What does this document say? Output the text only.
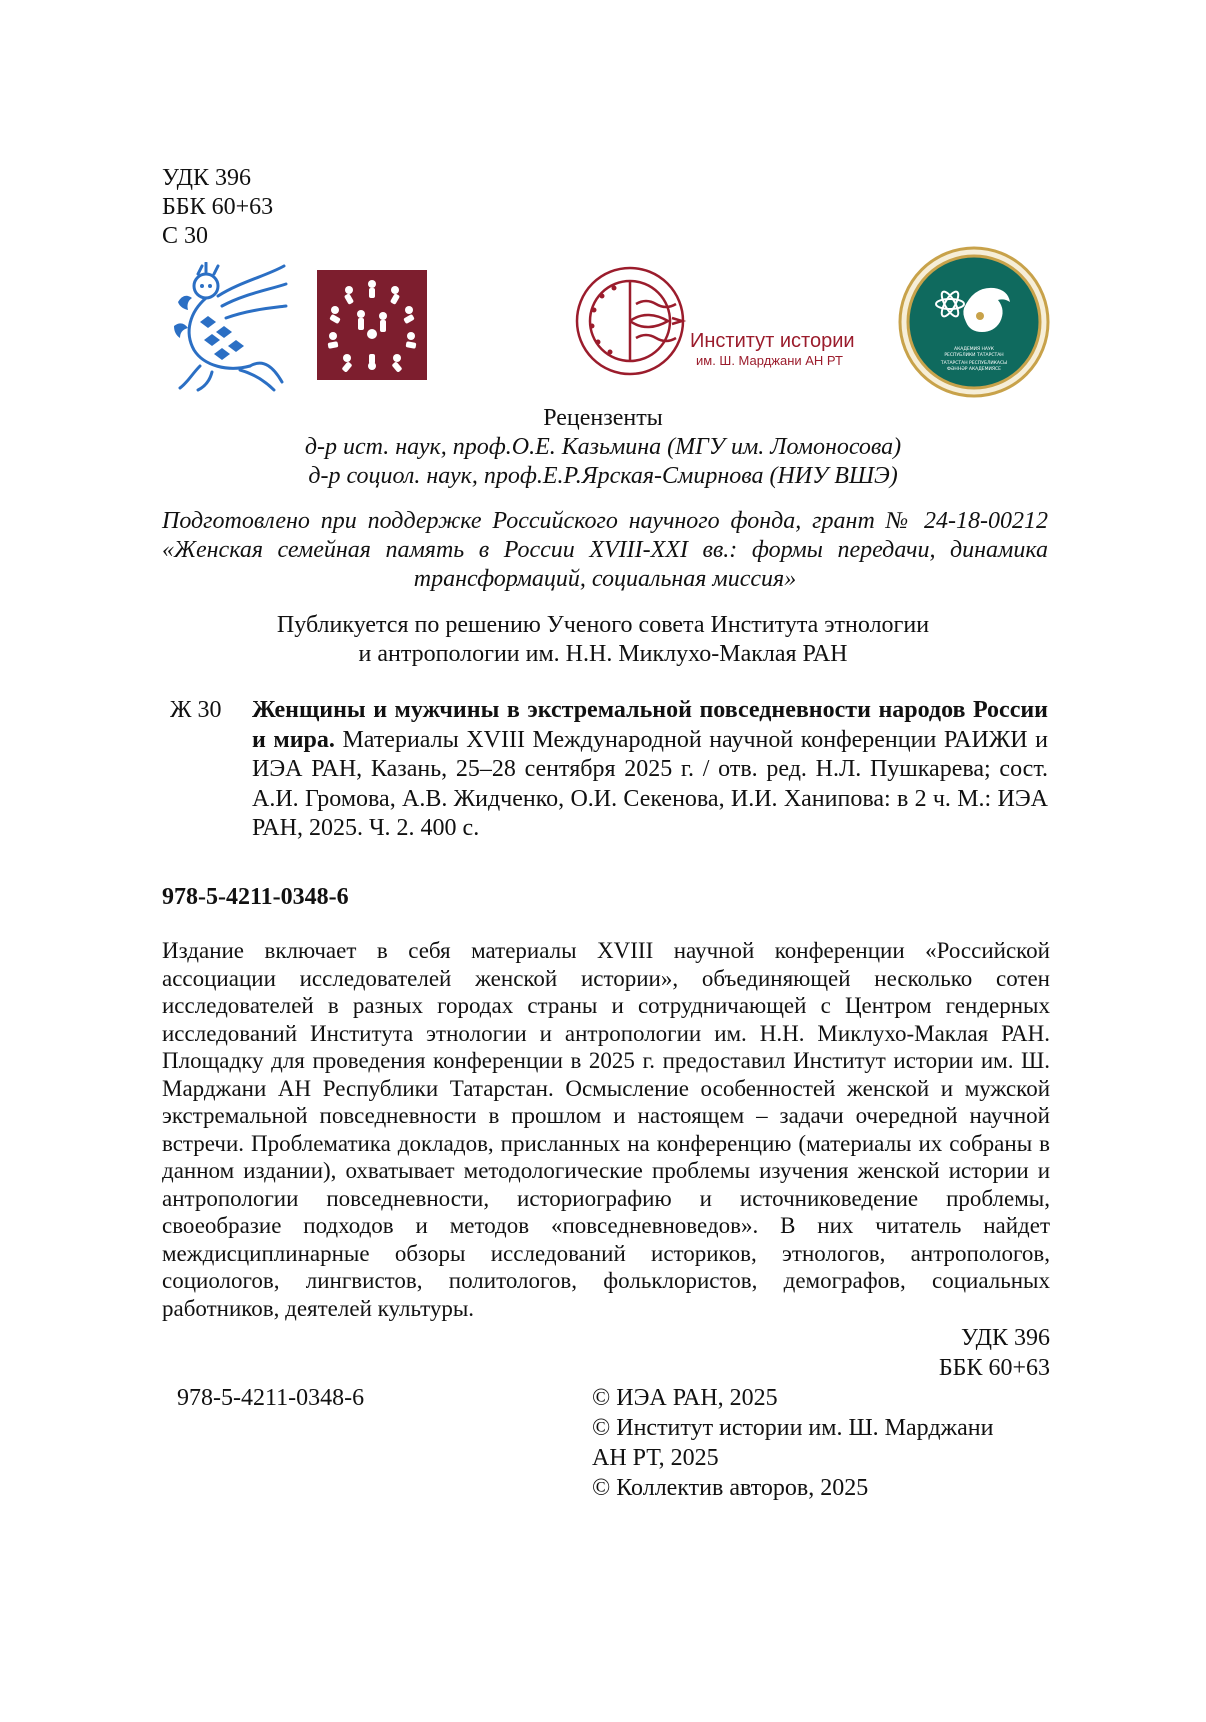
УДК 396
ББК 60+63
С 30
Институт истории
им. Ш. Марджани АН РТ
АКАДЕМИЯ НАУК
РЕСПУБЛИКИ ТАТАРСТАН
ТАТАРСТАН РЕСПУБЛИКАСЫ
ФӘННӘР АКАДЕМИЯСЕ
Рецензенты
д-р ист. наук, проф.О.Е. Казьмина (МГУ им. Ломоносова)
д-р социол. наук, проф.Е.Р.Ярская-Смирнова (НИУ ВШЭ)
Подготовлено при поддержке Российского научного фонда, грант № 24-18-00212 «Женская семейная память в России XVIII-XXI вв.: формы передачи, динамика трансформаций, социальная миссия»
Публикуется по решению Ученого совета Института этнологии
и антропологии им. Н.Н. Миклухо-Маклая РАН
Ж 30 Женщины и мужчины в экстремальной повседневности народов России и мира. Материалы XVIII Международной научной конференции РАИЖИ и ИЭА РАН, Казань, 25–28 сентября 2025 г. / отв. ред. Н.Л. Пушкарева; сост. А.И. Громова, А.В. Жидченко, О.И. Секенова, И.И. Ханипова: в 2 ч. М.: ИЭА РАН, 2025. Ч. 2. 400 с.
978-5-4211-0348-6
Издание включает в себя материалы XVIII научной конференции «Российской ассоциации исследователей женской истории», объединяющей несколько сотен исследователей в разных городах страны и сотрудничающей с Центром гендерных исследований Института этнологии и антропологии им. Н.Н. Миклухо-Маклая РАН. Площадку для проведения конференции в 2025 г. предоставил Институт истории им. Ш. Марджани АН Республики Татарстан. Осмысление особенностей женской и мужской экстремальной повседневности в прошлом и настоящем – задачи очередной научной встречи. Проблематика докладов, присланных на конференцию (материалы их собраны в данном издании), охватывает методологические проблемы изучения женской истории и антропологии повседневности, историографию и источниковедение проблемы, своеобразие подходов и методов «повседневноведов». В них читатель найдет междисциплинарные обзоры исследований историков, этнологов, антропологов, социологов, лингвистов, политологов, фольклористов, демографов, социальных работников, деятелей культуры.
УДК 396
ББК 60+63
978-5-4211-0348-6	© ИЭА РАН, 2025
© Институт истории им. Ш. Марджани
АН РТ, 2025
© Коллектив авторов, 2025
